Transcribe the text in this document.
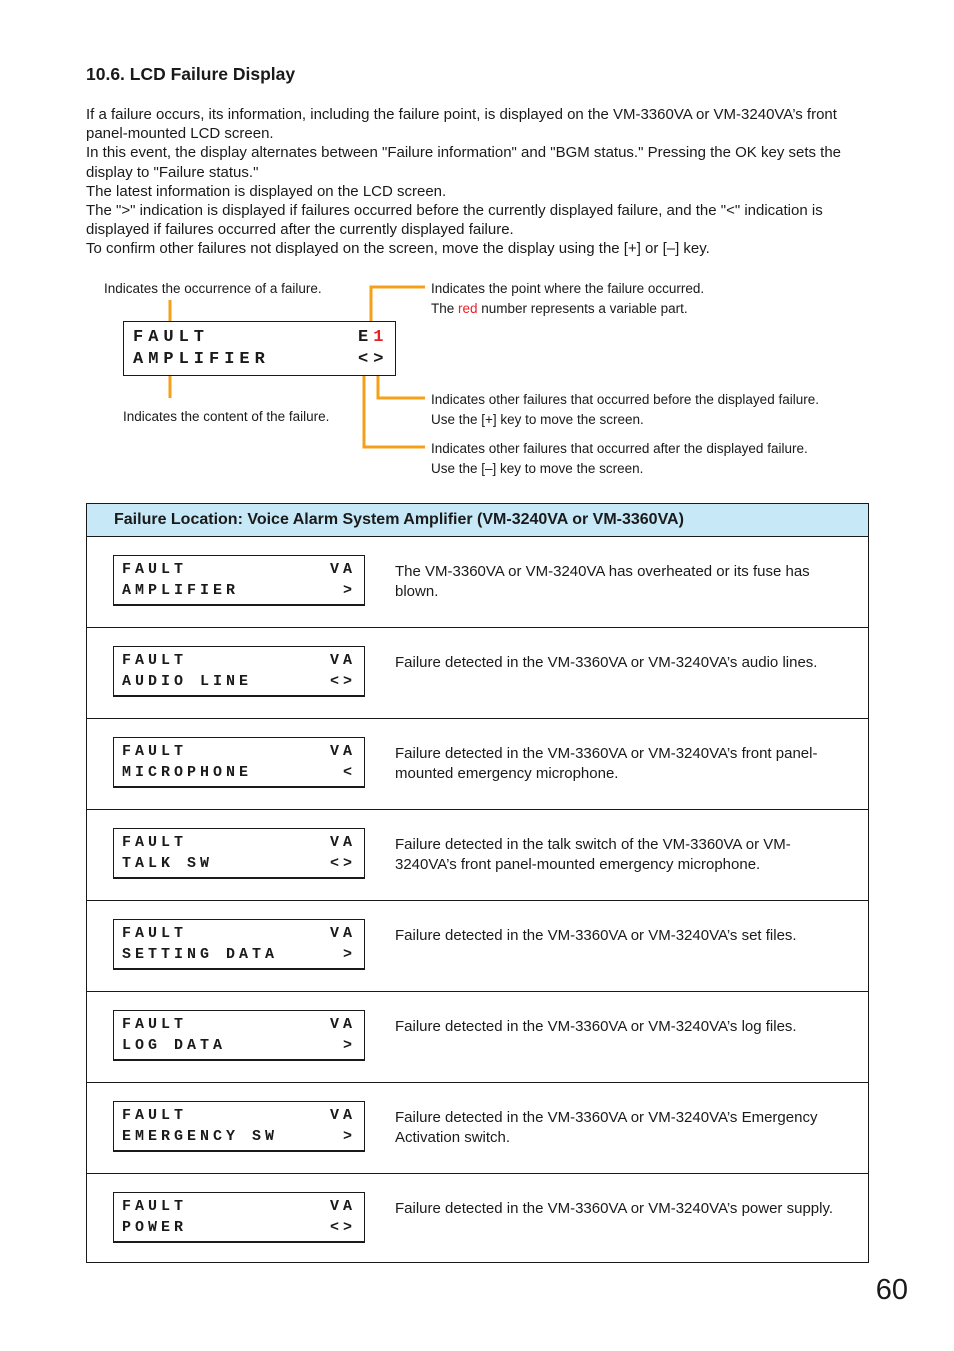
10.6. LCD Failure Display

If a failure occurs, its information, including the failure point, is displayed on the VM-3360VA or VM-3240VA’s front panel-mounted LCD screen.

In this event, the display alternates between "Failure information" and "BGM status." Pressing the OK key sets the display to "Failure status."

The latest information is displayed on the LCD screen.

The ">" indication is displayed if failures occurred before the currently displayed failure, and the "<" indication is displayed if failures occurred after the currently displayed failure.

To confirm other failures not displayed on the screen, move the display using the [+] or [–] key.

Indicates the occurrence of a failure.
Indicates the content of the failure.
Indicates the point where the failure occurred.
The red number represents a variable part.
Indicates other failures that occurred before the displayed failure.
Use the [+] key to move the screen.
Indicates other failures that occurred after the displayed failure.
Use the [–] key to move the screen.
FAULT
AMPLIFIER
E1
<>
Failure Location: Voice Alarm System Amplifier (VM-3240VA or VM-3360VA)
FAULT	VA
AMPLIFIER	>
The VM-3360VA or VM-3240VA has overheated or its fuse has blown.
FAULT	VA
AUDIO LINE	<>
Failure detected in the VM-3360VA or VM-3240VA’s audio lines.
FAULT	VA
MICROPHONE	<
Failure detected in the VM-3360VA or VM-3240VA’s front panel-mounted emergency microphone.
FAULT	VA
TALK SW	<>
Failure detected in the talk switch of the VM-3360VA or VM-3240VA’s front panel-mounted emergency microphone.
FAULT	VA
SETTING DATA	>
Failure detected in the VM-3360VA or VM-3240VA’s set files.
FAULT	VA
LOG DATA	>
Failure detected in the VM-3360VA or VM-3240VA’s log files.
FAULT	VA
EMERGENCY SW	>
Failure detected in the VM-3360VA or VM-3240VA’s Emergency Activation switch.
FAULT	VA
POWER	<>
Failure detected in the VM-3360VA or VM-3240VA’s power supply.
60
